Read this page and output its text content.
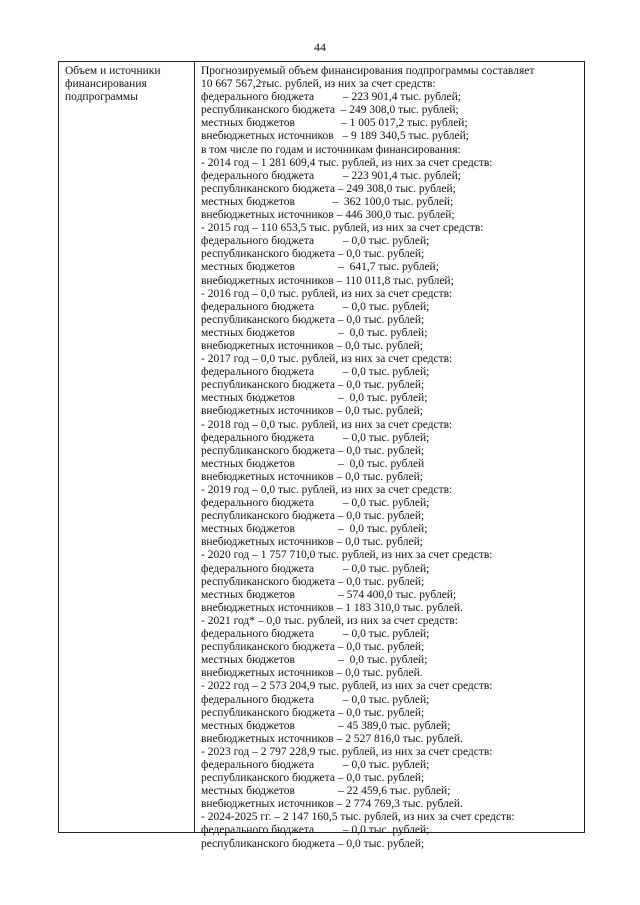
44
Объем и источники
финансирования
подпрограммы
Прогнозируемый объем финансирования подпрограммы составляет
10 667 567,2тыс. рублей, из них за счет средств:
федерального бюджета          – 223 901,4 тыс. рублей;
республиканского бюджета  – 249 308,0 тыс. рублей;
местных бюджетов                – 1 005 017,2 тыс. рублей;
внебюджетных источников   – 9 189 340,5 тыс. рублей;
в том числе по годам и источникам финансирования:
- 2014 год – 1 281 609,4 тыс. рублей, из них за счет средств:
федерального бюджета          – 223 901,4 тыс. рублей;
республиканского бюджета – 249 308,0 тыс. рублей;
местных бюджетов             –  362 100,0 тыс. рублей;
внебюджетных источников – 446 300,0 тыс. рублей;
- 2015 год – 110 653,5 тыс. рублей, из них за счет средств:
федерального бюджета          – 0,0 тыс. рублей;
республиканского бюджета – 0,0 тыс. рублей;
местных бюджетов               –  641,7 тыс. рублей;
внебюджетных источников – 110 011,8 тыс. рублей;
- 2016 год – 0,0 тыс. рублей, из них за счет средств:
федерального бюджета          – 0,0 тыс. рублей;
республиканского бюджета – 0,0 тыс. рублей;
местных бюджетов               –  0,0 тыс. рублей;
внебюджетных источников – 0,0 тыс. рублей;
- 2017 год – 0,0 тыс. рублей, из них за счет средств:
федерального бюджета          – 0,0 тыс. рублей;
республиканского бюджета – 0,0 тыс. рублей;
местных бюджетов               –  0,0 тыс. рублей;
внебюджетных источников – 0,0 тыс. рублей;
- 2018 год – 0,0 тыс. рублей, из них за счет средств:
федерального бюджета          – 0,0 тыс. рублей;
республиканского бюджета – 0,0 тыс. рублей;
местных бюджетов               –  0,0 тыс. рублей
внебюджетных источников – 0,0 тыс. рублей;
- 2019 год – 0,0 тыс. рублей, из них за счет средств:
федерального бюджета          – 0,0 тыс. рублей;
республиканского бюджета – 0,0 тыс. рублей;
местных бюджетов               –  0,0 тыс. рублей;
внебюджетных источников – 0,0 тыс. рублей;
- 2020 год – 1 757 710,0 тыс. рублей, из них за счет средств:
федерального бюджета          – 0,0 тыс. рублей;
республиканского бюджета – 0,0 тыс. рублей;
местных бюджетов               – 574 400,0 тыс. рублей;
внебюджетных источников – 1 183 310,0 тыс. рублей.
- 2021 год* – 0,0 тыс. рублей, из них за счет средств:
федерального бюджета          – 0,0 тыс. рублей;
республиканского бюджета – 0,0 тыс. рублей;
местных бюджетов               –  0,0 тыс. рублей;
внебюджетных источников – 0,0 тыс. рублей.
- 2022 год – 2 573 204,9 тыс. рублей, из них за счет средств:
федерального бюджета          – 0,0 тыс. рублей;
республиканского бюджета – 0,0 тыс. рублей;
местных бюджетов               – 45 389,0 тыс. рублей;
внебюджетных источников – 2 527 816,0 тыс. рублей.
- 2023 год – 2 797 228,9 тыс. рублей, из них за счет средств:
федерального бюджета          – 0,0 тыс. рублей;
республиканского бюджета – 0,0 тыс. рублей;
местных бюджетов               – 22 459,6 тыс. рублей;
внебюджетных источников – 2 774 769,3 тыс. рублей.
- 2024-2025 гг. – 2 147 160,5 тыс. рублей, из них за счет средств:
федерального бюджета          – 0,0 тыс. рублей;
республиканского бюджета – 0,0 тыс. рублей;
